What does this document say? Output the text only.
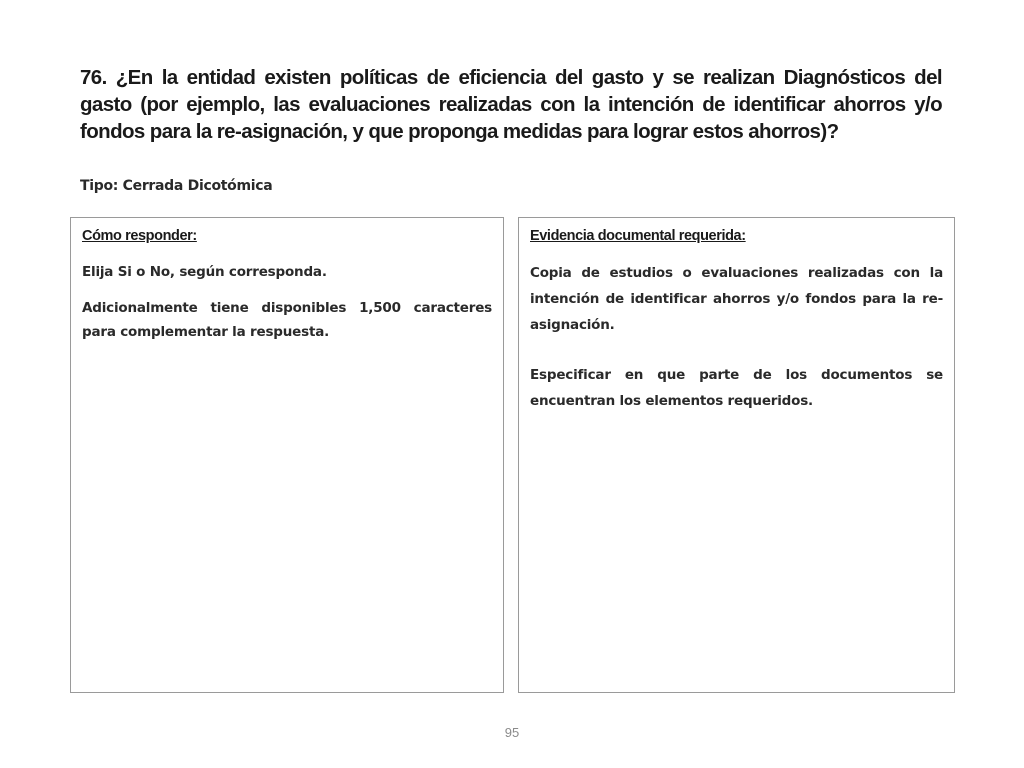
76. ¿En la entidad existen políticas de eficiencia del gasto y se realizan Diagnósticos del gasto (por ejemplo, las evaluaciones realizadas con la intención de identificar ahorros y/o fondos para la re-asignación, y que proponga medidas para lograr estos ahorros)?
Tipo: Cerrada Dicotómica
Cómo responder:

Elija Si o No, según corresponda.

Adicionalmente tiene disponibles 1,500 caracteres para complementar la respuesta.

Evidencia documental requerida:

Copia de estudios o evaluaciones realizadas con la intención de identificar ahorros y/o fondos para la re-asignación.

Especificar en que parte de los documentos se encuentran los elementos requeridos.

95
